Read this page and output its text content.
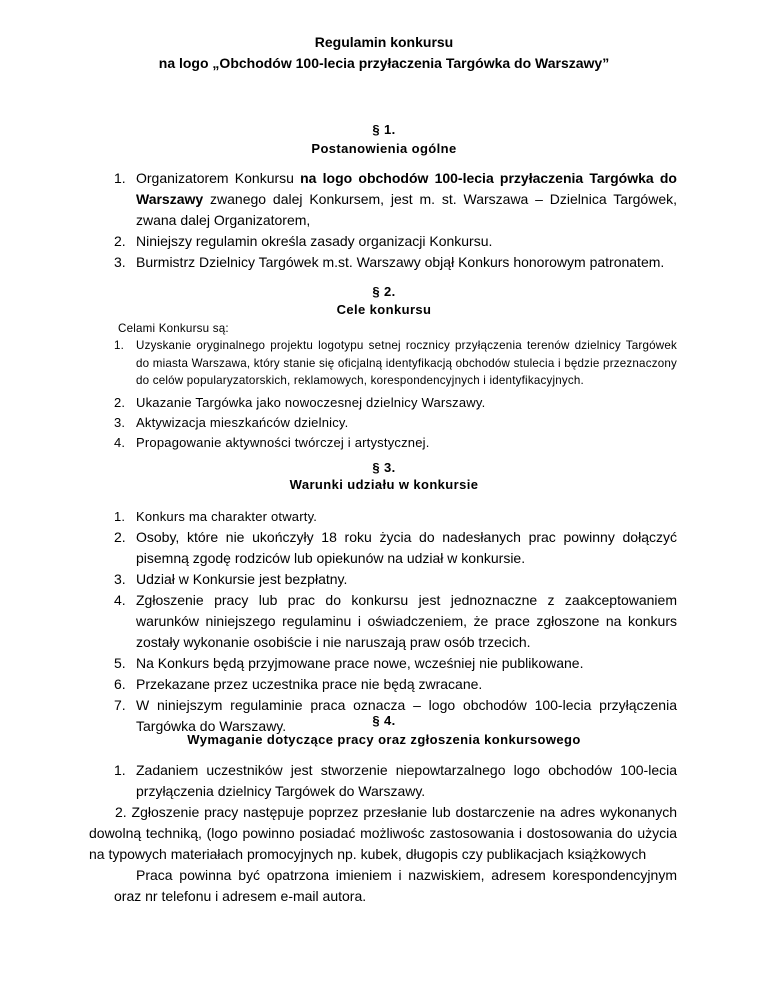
Regulamin konkursu
na logo „Obchodów 100-lecia przyłaczenia Targówka do Warszawy”
§ 1.
Postanowienia ogólne
1. Organizatorem Konkursu na logo obchodów 100-lecia przyłaczenia Targówka do Warszawy zwanego dalej Konkursem, jest m. st. Warszawa – Dzielnica Targówek, zwana dalej Organizatorem,
2. Niniejszy regulamin określa zasady organizacji Konkursu.
3. Burmistrz Dzielnicy Targówek m.st. Warszawy objął Konkurs honorowym patronatem.
§ 2.
Cele konkursu
Celami Konkursu są:
1. Uzyskanie oryginalnego projektu logotypu setnej rocznicy przyłączenia terenów dzielnicy Targówek do miasta Warszawa, który stanie się oficjalną identyfikacją obchodów stulecia i będzie przeznaczony do celów popularyzatorskich, reklamowych, korespondencyjnych i identyfikacyjnych.
2. Ukazanie Targówka jako nowoczesnej dzielnicy Warszawy.
3. Aktywizacja mieszkańców dzielnicy.
4. Propagowanie aktywności twórczej i artystycznej.
§ 3.
Warunki udziału w konkursie
1. Konkurs ma charakter otwarty.
2. Osoby, które nie ukończyły 18 roku życia do nadesłanych prac powinny dołączyć pisemną zgodę rodziców lub opiekunów na udział w konkursie.
3. Udział w Konkursie jest bezpłatny.
4. Zgłoszenie pracy lub prac do konkursu jest jednoznaczne z zaakceptowaniem warunków niniejszego regulaminu i oświadczeniem, że prace zgłoszone na konkurs zostały wykonanie osobiście i nie naruszają praw osób trzecich.
5. Na Konkurs będą przyjmowane prace nowe, wcześniej nie publikowane.
6. Przekazane przez uczestnika prace nie będą zwracane.
7. W niniejszym regulaminie praca oznacza – logo obchodów 100-lecia przyłączenia Targówka do Warszawy.	§ 4.
Wymaganie dotyczące pracy oraz zgłoszenia konkursowego
1. Zadaniem uczestników jest stworzenie niepowtarzalnego logo obchodów 100-lecia przyłączenia dzielnicy Targówek do Warszawy.
2. Zgłoszenie pracy następuje poprzez przesłanie lub dostarczenie na adres wykonanych dowolną techniką, (logo powinno posiadać możliwośc zastosowania i dostosowania do użycia na typowych materiałach promocyjnych np. kubek, długopis czy publikacjach książkowych
Praca powinna być opatrzona imieniem i nazwiskiem, adresem korespondencyjnym oraz nr telefonu i adresem e-mail autora.
